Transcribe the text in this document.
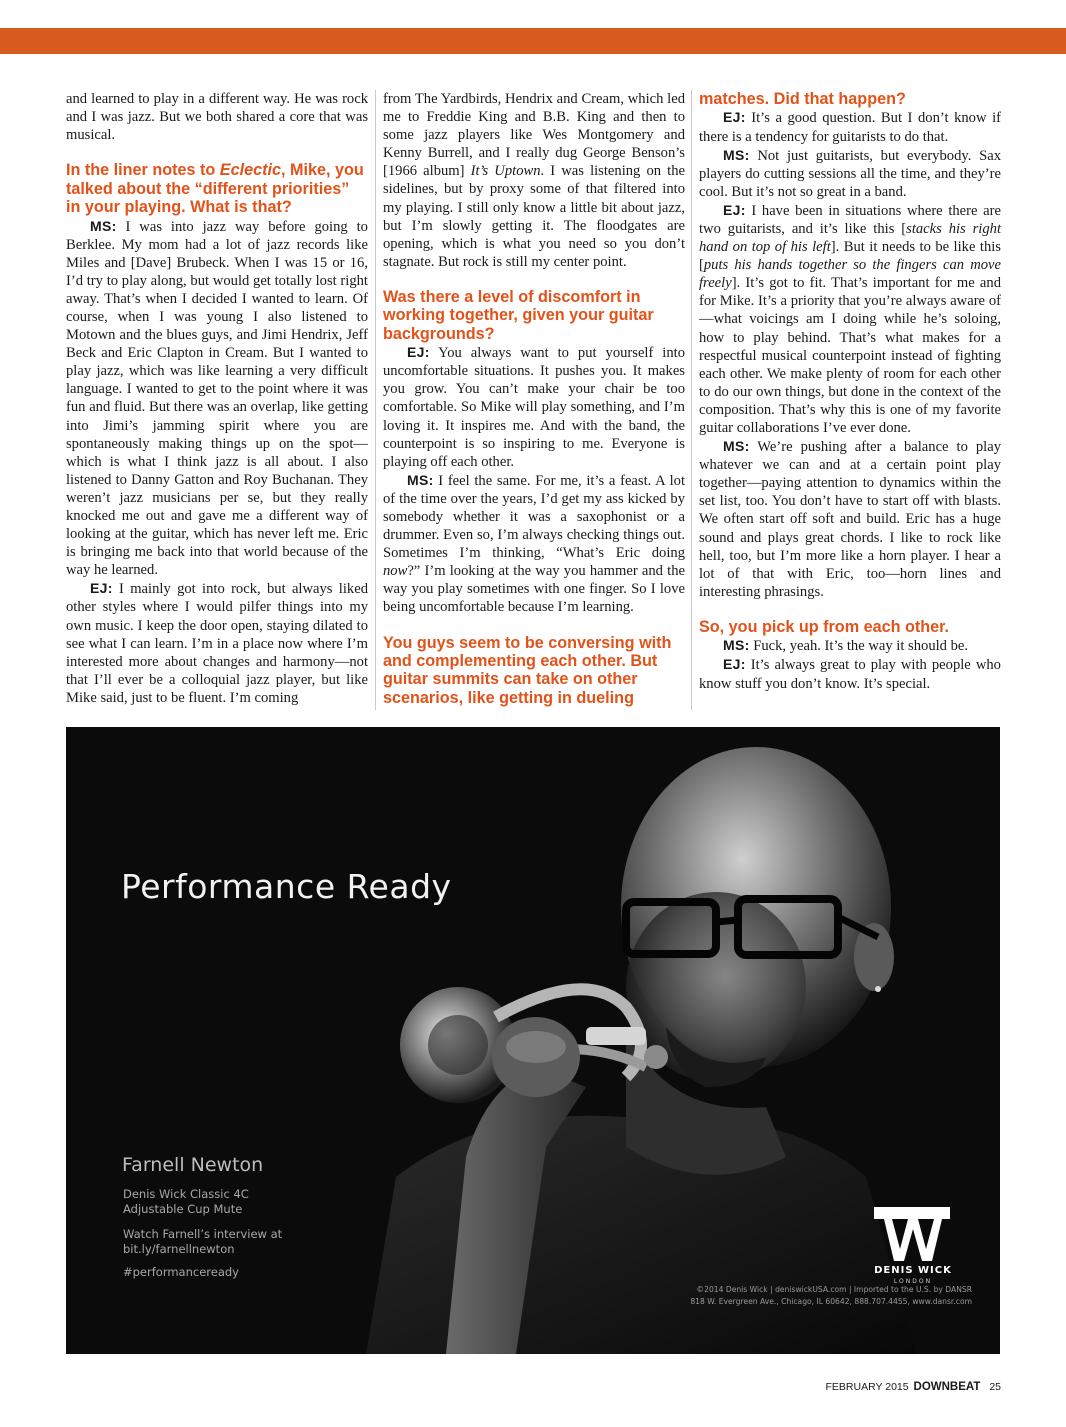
and learned to play in a different way. He was rock and I was jazz. But we both shared a core that was musical.

In the liner notes to Eclectic, Mike, you talked about the “different priorities” in your playing. What is that?

MS: I was into jazz way before going to Berklee. My mom had a lot of jazz records like Miles and [Dave] Brubeck. When I was 15 or 16, I’d try to play along, but would get totally lost right away. That’s when I decided I wanted to learn. Of course, when I was young I also listened to Motown and the blues guys, and Jimi Hendrix, Jeff Beck and Eric Clapton in Cream. But I wanted to play jazz, which was like learning a very difficult language. I wanted to get to the point where it was fun and fluid. But there was an overlap, like getting into Jimi’s jamming spirit where you are spontaneously making things up on the spot—which is what I think jazz is all about. I also listened to Danny Gatton and Roy Buchanan. They weren’t jazz musicians per se, but they really knocked me out and gave me a different way of looking at the guitar, which has never left me. Eric is bringing me back into that world because of the way he learned.

EJ: I mainly got into rock, but always liked other styles where I would pilfer things into my own music. I keep the door open, staying dilated to see what I can learn. I’m in a place now where I’m interested more about changes and harmony—not that I’ll ever be a colloquial jazz player, but like Mike said, just to be fluent. I’m coming

from The Yardbirds, Hendrix and Cream, which led me to Freddie King and B.B. King and then to some jazz players like Wes Montgomery and Kenny Burrell, and I really dug George Benson’s [1966 album] It’s Uptown. I was listening on the sidelines, but by proxy some of that filtered into my playing. I still only know a little bit about jazz, but I’m slowly getting it. The floodgates are opening, which is what you need so you don’t stagnate. But rock is still my center point.

Was there a level of discomfort in working together, given your guitar backgrounds?

EJ: You always want to put yourself into uncomfortable situations. It pushes you. It makes you grow. You can’t make your chair be too comfortable. So Mike will play something, and I’m loving it. It inspires me. And with the band, the counterpoint is so inspiring to me. Everyone is playing off each other.

MS: I feel the same. For me, it’s a feast. A lot of the time over the years, I’d get my ass kicked by somebody whether it was a saxophonist or a drummer. Even so, I’m always checking things out. Sometimes I’m thinking, “What’s Eric doing now?” I’m looking at the way you hammer and the way you play sometimes with one finger. So I love being uncomfortable because I’m learning.

You guys seem to be conversing with and complementing each other. But guitar summits can take on other scenarios, like getting in dueling

matches. Did that happen?

EJ: It’s a good question. But I don’t know if there is a tendency for guitarists to do that.

MS: Not just guitarists, but everybody. Sax players do cutting sessions all the time, and they’re cool. But it’s not so great in a band.

EJ: I have been in situations where there are two guitarists, and it’s like this [stacks his right hand on top of his left]. But it needs to be like this [puts his hands together so the fingers can move freely]. It’s got to fit. That’s important for me and for Mike. It’s a priority that you’re always aware of—what voicings am I doing while he’s soloing, how to play behind. That’s what makes for a respectful musical counterpoint instead of fighting each other. We make plenty of room for each other to do our own things, but done in the context of the composition. That’s why this is one of my favorite guitar collaborations I’ve ever done.

MS: We’re pushing after a balance to play whatever we can and at a certain point play together—paying attention to dynamics within the set list, too. You don’t have to start off with blasts. We often start off soft and build. Eric has a huge sound and plays great chords. I like to rock like hell, too, but I’m more like a horn player. I hear a lot of that with Eric, too—horn lines and interesting phrasings.

So, you pick up from each other.

MS: Fuck, yeah. It’s the way it should be.

EJ: It’s always great to play with people who know stuff you don’t know. It’s special.

Performance Ready
Farnell Newton
Denis Wick Classic 4C
Adjustable Cup Mute
Watch Farnell’s interview at
bit.ly/farnellnewton
#performanceready	DENIS WICK
LONDON
©2014 Denis Wick | deniswickUSA.com | Imported to the U.S. by DANSR
818 W. Evergreen Ave., Chicago, IL 60642, 888.707.4455, www.dansr.com
FEBRUARY 2015 DOWNBEAT 25
